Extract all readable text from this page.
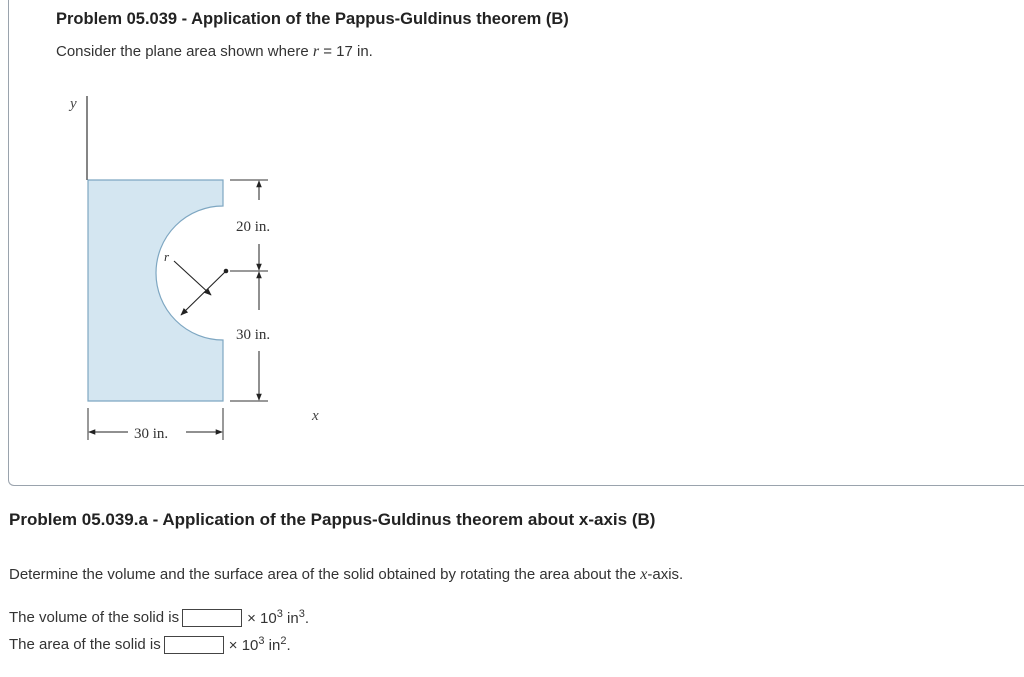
Problem 05.039 - Application of the Pappus-Guldinus theorem (B)
Consider the plane area shown where r = 17 in.
y
r
20 in.
30 in.
x
30 in.
Problem 05.039.a - Application of the Pappus-Guldinus theorem about x-axis (B)
Determine the volume and the surface area of the solid obtained by rotating the area about the x-axis.
The volume of the solid is	× $10^3$ $in^3$.
The area of the solid is	× $10^3$ $in^2$.
